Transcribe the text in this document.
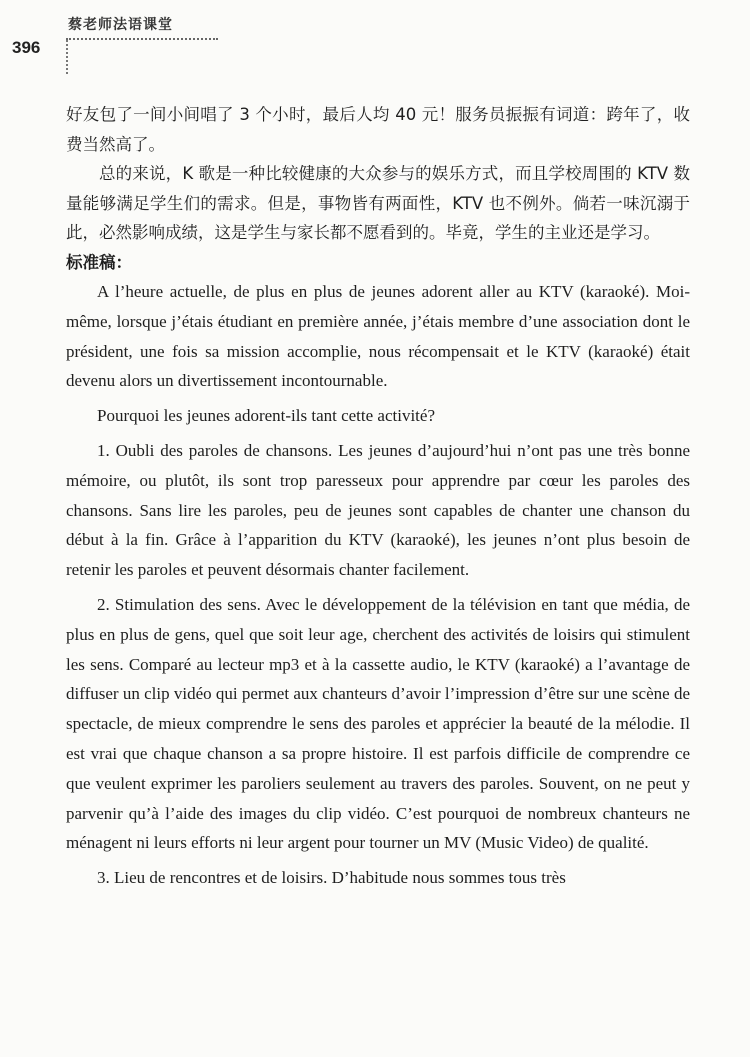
396
蔡老师法语课堂

好友包了一间小间唱了 3 个小时，最后人均 40 元！服务员振振有词道：跨年了，收费当然高了。

总的来说，K 歌是一种比较健康的大众参与的娱乐方式，而且学校周围的 KTV 数量能够满足学生们的需求。但是，事物皆有两面性，KTV 也不例外。倘若一味沉溺于此，必然影响成绩，这是学生与家长都不愿看到的。毕竟，学生的主业还是学习。

标准稿：

A l’heure actuelle, de plus en plus de jeunes adorent aller au KTV (karaoké). Moi-même, lorsque j’étais étudiant en première année, j’étais membre d’une association dont le président, une fois sa mission accomplie, nous récompensait et le KTV (karaoké) était devenu alors un divertissement incontournable.

Pourquoi les jeunes adorent-ils tant cette activité?

1. Oubli des paroles de chansons. Les jeunes d’aujourd’hui n’ont pas une très bonne mémoire, ou plutôt, ils sont trop paresseux pour apprendre par cœur les paroles des chansons. Sans lire les paroles, peu de jeunes sont capables de chanter une chanson du début à la fin. Grâce à l’apparition du KTV (karaoké), les jeunes n’ont plus besoin de retenir les paroles et peuvent désormais chanter facilement.

2. Stimulation des sens. Avec le développement de la télévision en tant que média, de plus en plus de gens, quel que soit leur age, cherchent des activités de loisirs qui stimulent les sens. Comparé au lecteur mp3 et à la cassette audio, le KTV (karaoké) a l’avantage de diffuser un clip vidéo qui permet aux chanteurs d’avoir l’impression d’être sur une scène de spectacle, de mieux comprendre le sens des paroles et apprécier la beauté de la mélodie. Il est vrai que chaque chanson a sa propre histoire. Il est parfois difficile de comprendre ce que veulent exprimer les paroliers seulement au travers des paroles. Souvent, on ne peut y parvenir qu’à l’aide des images du clip vidéo. C’est pourquoi de nombreux chanteurs ne ménagent ni leurs efforts ni leur argent pour tourner un MV (Music Video) de qualité.

3. Lieu de rencontres et de loisirs. D’habitude nous sommes tous très
